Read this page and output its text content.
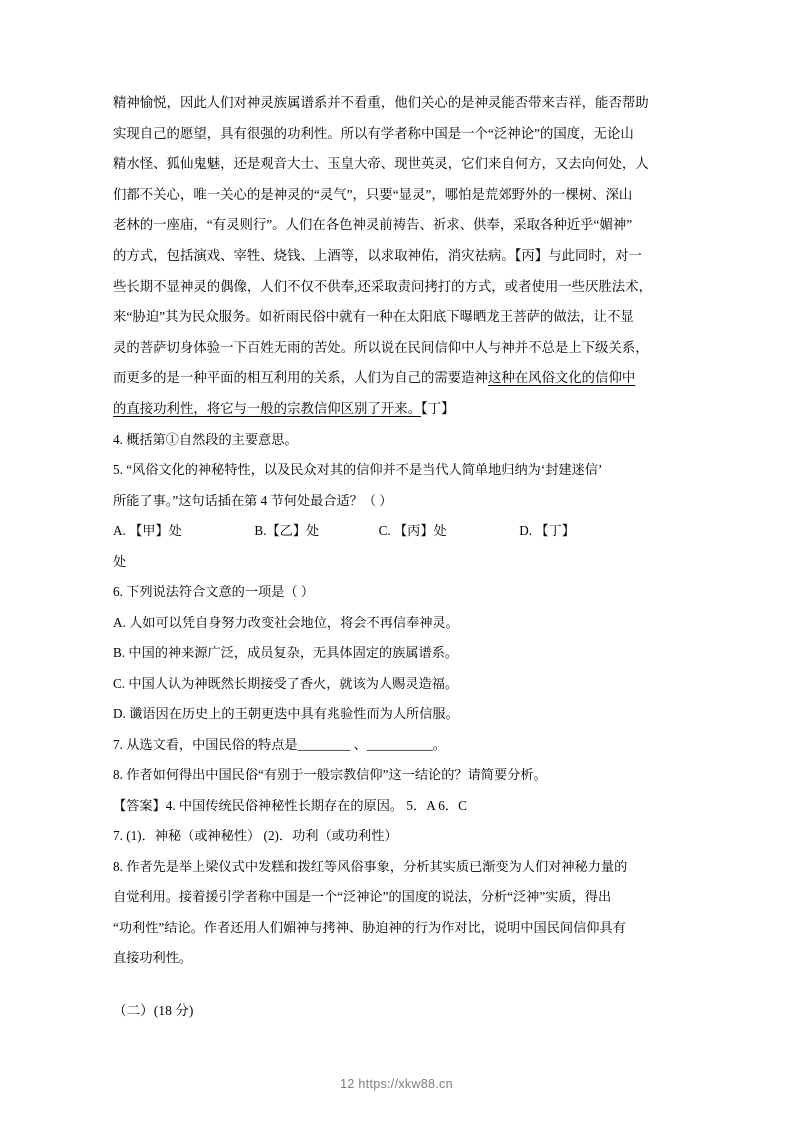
精神愉悦，因此人们对神灵族属谱系并不看重，他们关心的是神灵能否带来吉祥，能否帮助

实现自己的愿望，具有很强的功利性。所以有学者称中国是一个“泛神论”的国度，无论山

精水怪、狐仙鬼魅，还是观音大士、玉皇大帝、现世英灵，它们来自何方，又去向何处，人

们都不关心，唯一关心的是神灵的“灵气”，只要“显灵”，哪怕是荒郊野外的一棵树、深山

老林的一座庙，“有灵则行”。人们在各色神灵前祷告、祈求、供奉，采取各种近乎“媚神”

的方式，包括演戏、宰牲、烧钱、上酒等，以求取神佑，消灾祛病。【丙】与此同时，对一

些长期不显神灵的偶像，人们不仅不供奉,还采取责问拷打的方式，或者使用一些厌胜法术，

来“胁迫”其为民众服务。如祈雨民俗中就有一种在太阳底下曝晒龙王菩萨的做法，让不显

灵的菩萨切身体验一下百姓无雨的苦处。所以说在民间信仰中人与神并不总是上下级关系，

而更多的是一种平面的相互利用的关系，人们为自己的需要造神这种在风俗文化的信仰中

的直接功利性，将它与一般的宗教信仰区别了开来。【丁】

4. 概括第①自然段的主要意思。

5. “风俗文化的神秘特性，以及民众对其的信仰并不是当代人简单地归纳为‘封建迷信’

所能了事。”这句话插在第 4 节何处最合适？（ ）

A. 【甲】处                      B.【乙】处                  C. 【丙】处                      D. 【丁】

处

6. 下列说法符合文意的一项是（ ）

A. 人如可以凭自身努力改变社会地位，将会不再信奉神灵。

B. 中国的神来源广泛，成员复杂，无具体固定的族属谱系。

C. 中国人认为神既然长期接受了香火，就该为人赐灵造福。

D. 谶语因在历史上的王朝更迭中具有兆验性而为人所信服。

7. 从选文看，中国民俗的特点是________ 、__________。

8. 作者如何得出中国民俗“有别于一般宗教信仰”这一结论的？请简要分析。

【答案】4. 中国传统民俗神秘性长期存在的原因。 5．A 6．C

7. (1)．神秘（或神秘性） (2)．功利（或功利性）

8. 作者先是举上梁仪式中发糕和拨红等风俗事象，分析其实质已渐变为人们对神秘力量的

自觉利用。接着援引学者称中国是一个“泛神论”的国度的说法，分析“泛神”实质，得出

“功利性”结论。作者还用人们媚神与拷神、胁迫神的行为作对比，说明中国民间信仰具有

直接功利性。

（二）(18 分)

12 https://xkw88.cn
